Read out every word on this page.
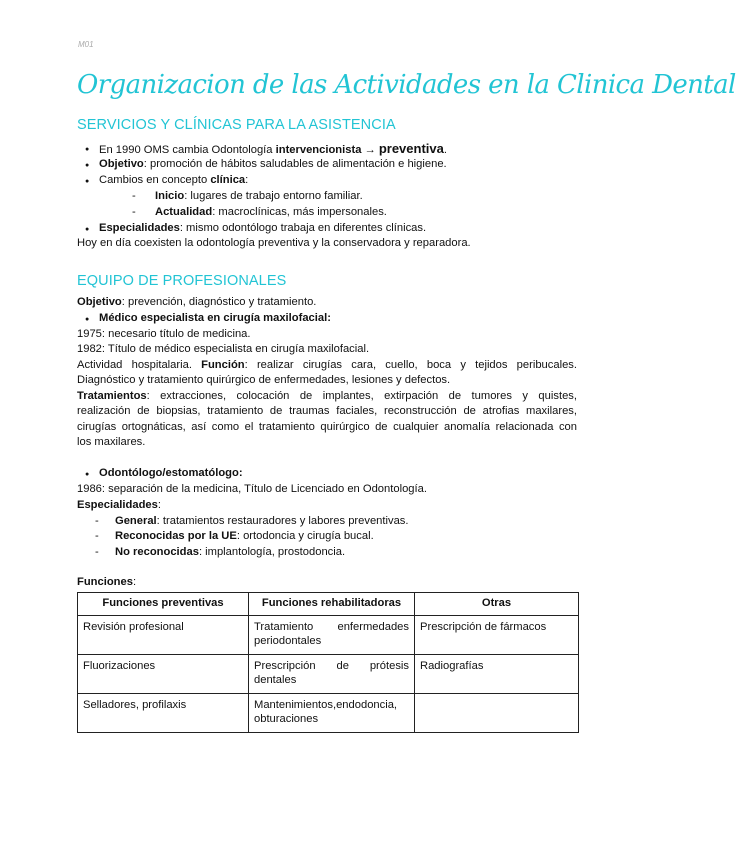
M01
Organizacion de las Actividades en la Clinica Dental
SERVICIOS Y CLÍNICAS PARA LA ASISTENCIA
● En 1990 OMS cambia Odontología intervencionista → preventiva.
● Objetivo: promoción de hábitos saludables de alimentación e higiene.
● Cambios en concepto clínica:
- Inicio: lugares de trabajo entorno familiar.
- Actualidad: macroclínicas, más impersonales.
● Especialidades: mismo odontólogo trabaja en diferentes clínicas.
Hoy en día coexisten la odontología preventiva y la conservadora y reparadora.
EQUIPO DE PROFESIONALES
Objetivo: prevención, diagnóstico y tratamiento.
● Médico especialista en cirugía maxilofacial:
1975: necesario título de medicina.
1982: Título de médico especialista en cirugía maxilofacial.
Actividad hospitalaria. Función: realizar cirugías cara, cuello, boca y tejidos peribucales.
Diagnóstico y tratamiento quirúrgico de enfermedades, lesiones y defectos.
Tratamientos: extracciones, colocación de implantes, extirpación de tumores y quistes,
realización de biopsias, tratamiento de traumas faciales, reconstrucción de atrofias maxilares,
cirugías ortognáticas, así como el tratamiento quirúrgico de cualquier anomalía relacionada con
los maxilares.
● Odontólogo/estomatólogo:
1986: separación de la medicina, Título de Licenciado en Odontología.
Especialidades:
- General: tratamientos restauradores y labores preventivas.
- Reconocidas por la UE: ortodoncia y cirugía bucal.
- No reconocidas: implantología, prostodoncia.
Funciones:
Funciones preventivas	Funciones rehabilitadoras	Otras
Revisión profesional	Tratamiento enfermedades periodontales	Prescripción de fármacos
Fluorizaciones	Prescripción de prótesis dentales	Radiografías
Selladores, profilaxis	Mantenimientos,endodoncia, obturaciones	
